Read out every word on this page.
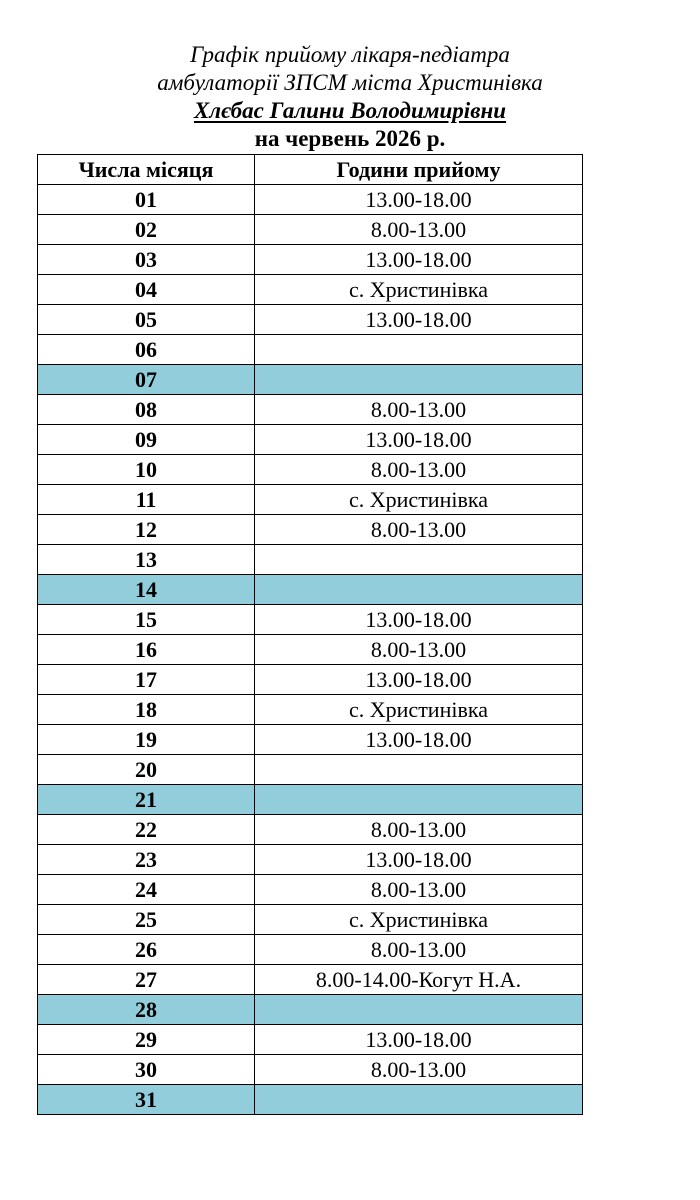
Графік прийому лікаря-педіатра
амбулаторії ЗПСМ міста Христинівка
Хлєбас Галини Володимирівни
на червень 2026 р.
Числа місяця	Години прийому
01	13.00-18.00
02	8.00-13.00
03	13.00-18.00
04	с. Христинівка
05	13.00-18.00
06	
07	
08	8.00-13.00
09	13.00-18.00
10	8.00-13.00
11	с. Христинівка
12	8.00-13.00
13	
14	
15	13.00-18.00
16	8.00-13.00
17	13.00-18.00
18	с. Христинівка
19	13.00-18.00
20	
21	
22	8.00-13.00
23	13.00-18.00
24	8.00-13.00
25	с. Христинівка
26	8.00-13.00
27	8.00-14.00-Когут Н.А.
28	
29	13.00-18.00
30	8.00-13.00
31	
